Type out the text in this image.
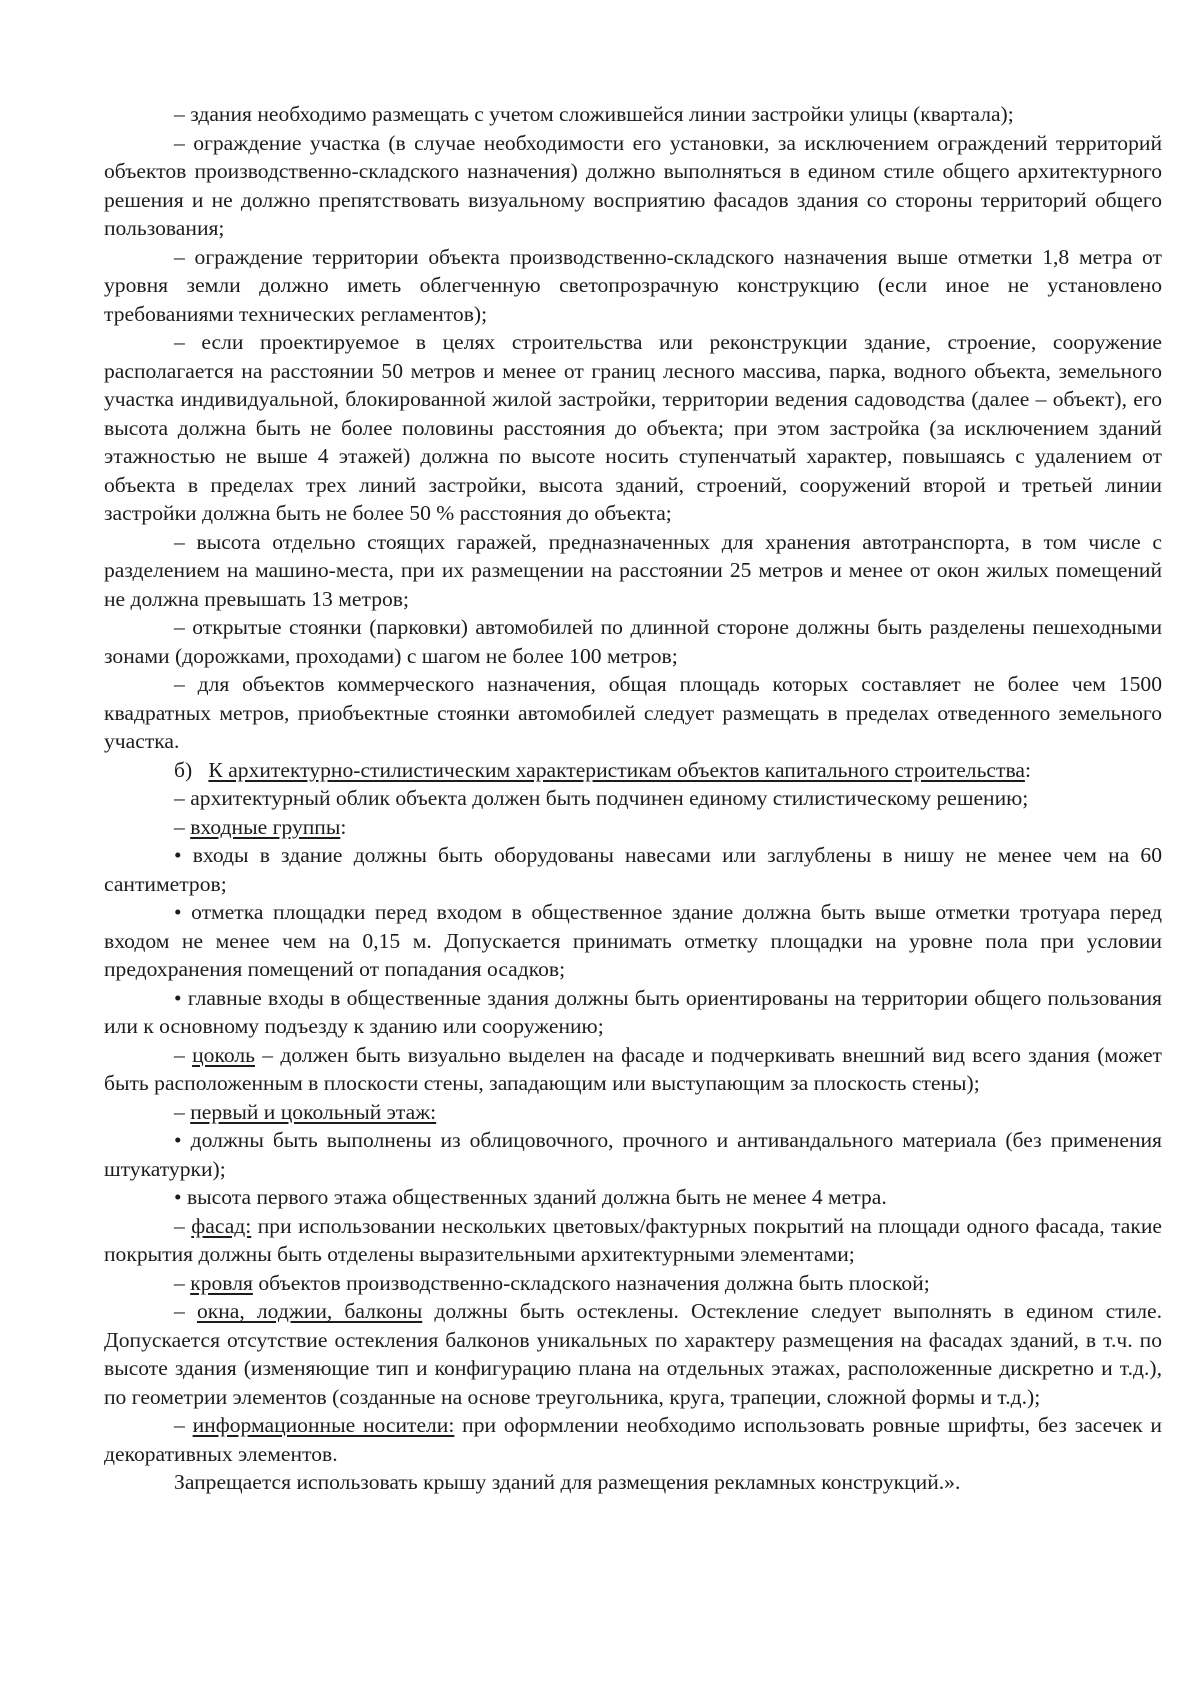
– здания необходимо размещать с учетом сложившейся линии застройки улицы (квартала);

– ограждение участка (в случае необходимости его установки, за исключением ограждений территорий объектов производственно-складского назначения) должно выполняться в едином стиле общего архитектурного решения и не должно препятствовать визуальному восприятию фасадов здания со стороны территорий общего пользования;

– ограждение территории объекта производственно-складского назначения выше отметки 1,8 метра от уровня земли должно иметь облегченную светопрозрачную конструкцию (если иное не установлено требованиями технических регламентов);

– если проектируемое в целях строительства или реконструкции здание, строение, сооружение располагается на расстоянии 50 метров и менее от границ лесного массива, парка, водного объекта, земельного участка индивидуальной, блокированной жилой застройки, территории ведения садоводства (далее – объект), его высота должна быть не более половины расстояния до объекта; при этом застройка (за исключением зданий этажностью не выше 4 этажей) должна по высоте носить ступенчатый характер, повышаясь с удалением от объекта в пределах трех линий застройки, высота зданий, строений, сооружений второй и третьей линии застройки должна быть не более 50 % расстояния до объекта;

– высота отдельно стоящих гаражей, предназначенных для хранения автотранспорта, в том числе с разделением на машино-места, при их размещении на расстоянии 25 метров и менее от окон жилых помещений не должна превышать 13 метров;

– открытые стоянки (парковки) автомобилей по длинной стороне должны быть разделены пешеходными зонами (дорожками, проходами) с шагом не более 100 метров;

– для объектов коммерческого назначения, общая площадь которых составляет не более чем 1500 квадратных метров, приобъектные стоянки автомобилей следует размещать в пределах отведенного земельного участка.

б) К архитектурно-стилистическим характеристикам объектов капитального строительства:

– архитектурный облик объекта должен быть подчинен единому стилистическому решению;

– входные группы:

• входы в здание должны быть оборудованы навесами или заглублены в нишу не менее чем на 60 сантиметров;

• отметка площадки перед входом в общественное здание должна быть выше отметки тротуара перед входом не менее чем на 0,15 м. Допускается принимать отметку площадки на уровне пола при условии предохранения помещений от попадания осадков;

• главные входы в общественные здания должны быть ориентированы на территории общего пользования или к основному подъезду к зданию или сооружению;

– цоколь – должен быть визуально выделен на фасаде и подчеркивать внешний вид всего здания (может быть расположенным в плоскости стены, западающим или выступающим за плоскость стены);

– первый и цокольный этаж:

• должны быть выполнены из облицовочного, прочного и антивандального материала (без применения штукатурки);

• высота первого этажа общественных зданий должна быть не менее 4 метра.

– фасад: при использовании нескольких цветовых/фактурных покрытий на площади одного фасада, такие покрытия должны быть отделены выразительными архитектурными элементами;

– кровля объектов производственно-складского назначения должна быть плоской;

– окна, лоджии, балконы должны быть остеклены. Остекление следует выполнять в едином стиле. Допускается отсутствие остекления балконов уникальных по характеру размещения на фасадах зданий, в т.ч. по высоте здания (изменяющие тип и конфигурацию плана на отдельных этажах, расположенные дискретно и т.д.), по геометрии элементов (созданные на основе треугольника, круга, трапеции, сложной формы и т.д.);

– информационные носители: при оформлении необходимо использовать ровные шрифты, без засечек и декоративных элементов.

Запрещается использовать крышу зданий для размещения рекламных конструкций.».
